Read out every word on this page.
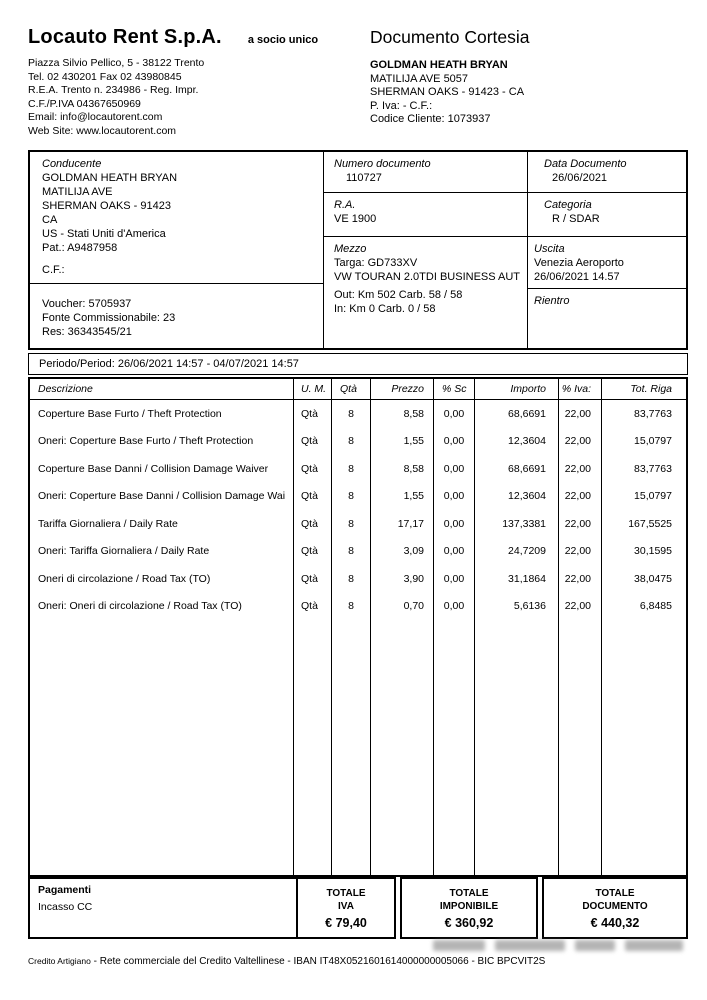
Locauto Rent S.p.A. a socio unico
Piazza Silvio Pellico, 5 - 38122 Trento
Tel. 02 430201 Fax 02 43980845
R.E.A. Trento n. 234986 - Reg. Impr.
C.F./P.IVA 04367650969
Email: info@locautorent.com
Web Site: www.locautorent.com
Documento Cortesia
GOLDMAN HEATH BRYAN
MATILIJA AVE 5057
SHERMAN OAKS - 91423 - CA
P. Iva: - C.F.:
Codice Cliente: 1073937
Conducente
GOLDMAN HEATH BRYAN
MATILIJA AVE
SHERMAN OAKS - 91423
CA
US - Stati Uniti d'America
Pat.: A9487958
C.F.:
Voucher: 5705937
Fonte Commissionabile: 23
Res: 36343545/21
Numero documento
110727
R.A.
VE 1900
Mezzo
Targa: GD733XV
VW TOURAN 2.0TDI BUSINESS AUT
Out: Km 502 Carb. 58 / 58
In: Km 0 Carb. 0 / 58
Data Documento
26/06/2021
Categoria
R / SDAR
Uscita
Venezia Aeroporto
26/06/2021 14.57
Rientro
Periodo/Period: 26/06/2021 14:57 - 04/07/2021 14:57
Descrizione	U. M.	Qtà	Prezzo	% Sc	Importo	% Iva:	Tot. Riga
Coperture Base Furto / Theft Protection	Qtà	8	8,58	0,00	68,6691	22,00	83,7763
Oneri: Coperture Base Furto / Theft Protection	Qtà	8	1,55	0,00	12,3604	22,00	15,0797
Coperture Base Danni / Collision Damage Waiver	Qtà	8	8,58	0,00	68,6691	22,00	83,7763
Oneri: Coperture Base Danni / Collision Damage Wai	Qtà	8	1,55	0,00	12,3604	22,00	15,0797
Tariffa Giornaliera / Daily Rate	Qtà	8	17,17	0,00	137,3381	22,00	167,5525
Oneri: Tariffa Giornaliera / Daily Rate	Qtà	8	3,09	0,00	24,7209	22,00	30,1595
Oneri di circolazione / Road Tax (TO)	Qtà	8	3,90	0,00	31,1864	22,00	38,0475
Oneri: Oneri di circolazione / Road Tax (TO)	Qtà	8	0,70	0,00	5,6136	22,00	6,8485
Pagamenti
Incasso CC
TOTALE
IVA
€ 79,40
TOTALE
IMPONIBILE
€ 360,92
TOTALE
DOCUMENTO
€ 440,32
Credito Artigiano - Rete commerciale del Credito Valtellinese - IBAN IT48X0521601614000000005066 - BIC BPCVIT2S
